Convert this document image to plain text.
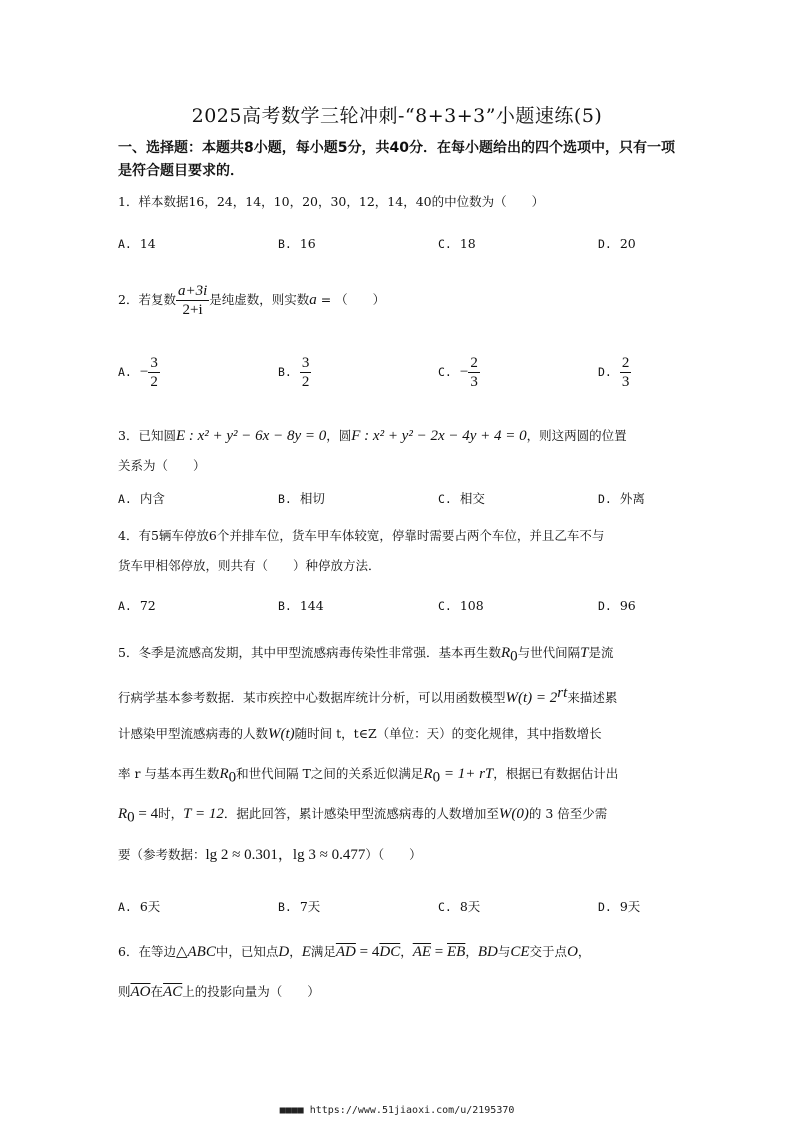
2025高考数学三轮冲刺-“8+3+3”小题速练(5)
一、选择题：本题共8小题，每小题5分，共40分．在每小题给出的四个选项中，只有一项是符合题目要求的．
1．样本数据16，24，14，10，20，30，12，14，40的中位数为（　　）
A. 14	B. 16	C. 18	D. 20
2．若复数 $\frac{a+3i}{2+i}$ 是纯虚数，则实数a = （　　）
A. − $\frac{3}{2}$	B. $\frac{3}{2}$	C. − $\frac{2}{3}$	D. $\frac{2}{3}$
3．已知圆E : x² + y² − 6x − 8y = 0，圆F : x² + y² − 2x − 4y + 4 = 0，则这两圆的位置
关系为（　　）
A. 内含	B. 相切	C. 相交	D. 外离
4．有5辆车停放6个并排车位，货车甲车体较宽，停靠时需要占两个车位，并且乙车不与
货车甲相邻停放，则共有（　　）种停放方法．
A. 72	B. 144	C. 108	D. 96
5．冬季是流感高发期，其中甲型流感病毒传染性非常强．基本再生数$R_0$与世代间隔T是流
行病学基本参考数据．某市疾控中心数据库统计分析，可以用函数模型$W(t) = 2^{rt}$来描述累
计感染甲型流感病毒的人数W(t)随时间 t，t∈Z（单位：天）的变化规律，其中指数增长
率 r 与基本再生数$R_0$和世代间隔 T之间的关系近似满足$R_0 = 1+$ rT，根据已有数据估计出
$R_0 = 4$时，T = 12．据此回答，累计感染甲型流感病毒的人数增加至W(0)的 3 倍至少需
要（参考数据：lg 2 ≈ 0.301，lg 3 ≈ 0.477）（　　）
A. 6天	B. 7天	C. 8天	D. 9天
6．在等边△ABC中，已知点D，E满足$\overline{AD} = 4\overline{DC}$，$\overline{AE} = \overline{EB}$，BD与CE交于点O，
则$\overline{AO}$在$\overline{AC}$上的投影向量为（　　）
■■■■ https://www.51jiaoxi.com/u/2195370
